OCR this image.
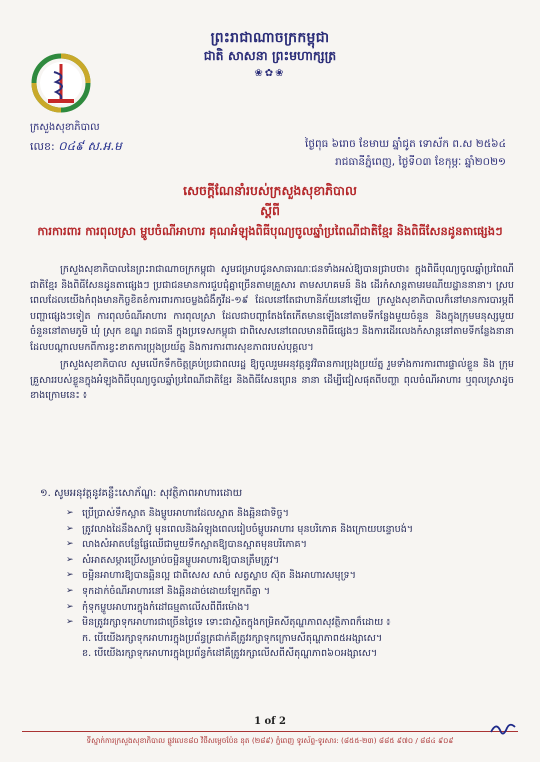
ព្រះរាជាណាចក្រកម្ពុជា
ជាតិ សាសនា ព្រះមហាក្សត្រ
❀✿❀
ក្រសួងសុខាភិបាល
លេខ: ០៤៩ ស.អ.ម	ថ្ងៃពុធ ៦រោច ខែមាឃ ឆ្នាំជូត ទោស័ក ព.ស ២៥៦៤
រាជធានីភ្នំពេញ, ថ្ងៃទី០៣ ខែកុម្ភៈ ឆ្នាំ២០២១
សេចក្តីណែនាំរបស់ក្រសួងសុខាភិបាល
ស្តីពី
ការការពារ ការពុលស្រា ម្ហូបចំណីអាហារ គុណអំឡុងពិធីបុណ្យចូលឆ្នាំប្រពៃណីជាតិខ្មែរ និងពិធីសែនដូនតាផ្សេងៗ

ក្រសួងសុខាភិបាលនៃព្រះរាជាណាចក្រកម្ពុជា សូមជម្រាបជូនសាធារណៈជនទាំងអស់ឱ្យបានជ្រាបថា៖ ក្នុងពិធីបុណ្យចូលឆ្នាំប្រពៃណីជាតិខ្មែរ និងពិធីសែនដូនតាផ្សេងៗ ប្រជាជនមានការជួបជុំគ្នាច្រើនតាមគ្រួសារ តាមសហគមន៍ និង ដើរកំសាន្តតាមរមណីយដ្ឋាននានា។ ស្របពេលដែលយើងកំពុងមានកិច្ចខិតខំការពារការចម្លងជំងឺកូវីដ-១៩ ដែលនៅតែជាហានិភ័យនៅឡើយ ក្រសួងសុខាភិបាលក៏នៅមានការបារម្ភពីបញ្ហាផ្សេងៗទៀត ការពុលចំណីអាហារ ការពុលស្រា ដែលជាបញ្ហាតែងតែកើតមានឡើងនៅតាមទីកន្លែងមួយចំនួន និងក្នុងក្រុមមនុស្សមួយចំនួននៅតាមភូមិ ឃុំ ស្រុក ខណ្ឌ រាជធានី ក្នុងប្រទេសកម្ពុជា ជាពិសេសនៅពេលមានពិធីផ្សេងៗ និងការដើរលេងកំសាន្តនៅតាមទីកន្លែងនានា ដែលបណ្តាលមកពីការខ្វះខាតការប្រុងប្រយ័ត្ន និងការការពារសុខភាពរបស់បុគ្គល។

ក្រសួងសុខាភិបាល សូមលើកទឹកចិត្តគ្រប់ប្រជាពលរដ្ឋ ឱ្យចូលរួមអនុវត្តនូវវិធានការប្រុងប្រយ័ត្ន រួមទាំងការការពារផ្ទាល់ខ្លួន និង ក្រុមគ្រួសាររបស់ខ្លួនក្នុងអំឡុងពិធីបុណ្យចូលឆ្នាំប្រពៃណីជាតិខ្មែរ និងពិធីសែនព្រេន នានា ដើម្បីជៀសផុតពីបញ្ហា ពុលចំណីអាហារ ឬពុលស្រាដូចខាងក្រោមនេះ ៖

១. សូមអនុវត្តនូវគន្លឹះសោភ័ណ្ឌ: សុវត្ថិភាពអាហារដោយ
➢ ប្រើប្រាស់ទឹកស្អាត និងម្ហូបអាហារដែលស្អាត និងឆ្អិនជាទិច្ច។
➢ ត្រូវលាងដៃនឹងសាប៊ូ មុនពេលនិងអំឡុងពេលរៀបចំម្ហូបអាហារ មុនបរិភោគ និងក្រោយបន្ទោបង់។
➢ លាងសំអាតបន្លែផ្លែឈើជាមួយទឹកស្អាតឱ្យបានស្អាតមុនបរិភោគ។
➢ សំអាតសម្ភារប្រើសម្រាប់ចម្អិនម្ហូបអាហារឱ្យបានត្រឹមត្រូវ។
➢ ចម្អិនអាហារឱ្យបានឆ្អិនល្អ ជាពិសេស សាច់ សត្វស្លាប ស៊ុត និងអាហារសមុទ្រ។
➢ ទុកដាក់ចំណីអាហារនៅ និងឆ្អិនដាច់ដោយឡែកពីគ្នា ។
➢ កុំទុកម្ហូបអាហារក្នុងកំដៅធម្មតាលើសពីពីរម៉ោង។
➢ មិនត្រូវរក្សាទុកអាហារជាច្រើនថ្ងៃទេ ទោះជាស្ថិតក្នុងកម្រិតសីតុណ្ហភាពសុវត្ថិភាពក៏ដោយ ៖
ក. បើយើងរក្សាទុកអាហារក្នុងប្រព័ន្ធត្រជាក់គឺត្រូវរក្សាទុកក្រោមសីតុណ្ហភាព៥អង្សាសេ។
ខ. បើយើងរក្សាទុកអាហារក្នុងប្រព័ន្ធកំដៅគឺត្រូវរក្សាលើសពីសីតុណ្ហភាព៦០អង្សាសេ។
1 of 2
ទីស្នាក់ការក្រសួងសុខាភិបាល ផ្លូវលេខ៨០ វិថីសម្តេចប៉ែន នុត (២៨៩) ភ្នំពេញ ទូរស័ព្ទ-ទូរសារ: (៨៥៥-២៣) ៨៨៥ ៩៧០ / ៨៨៤ ៩០៩
